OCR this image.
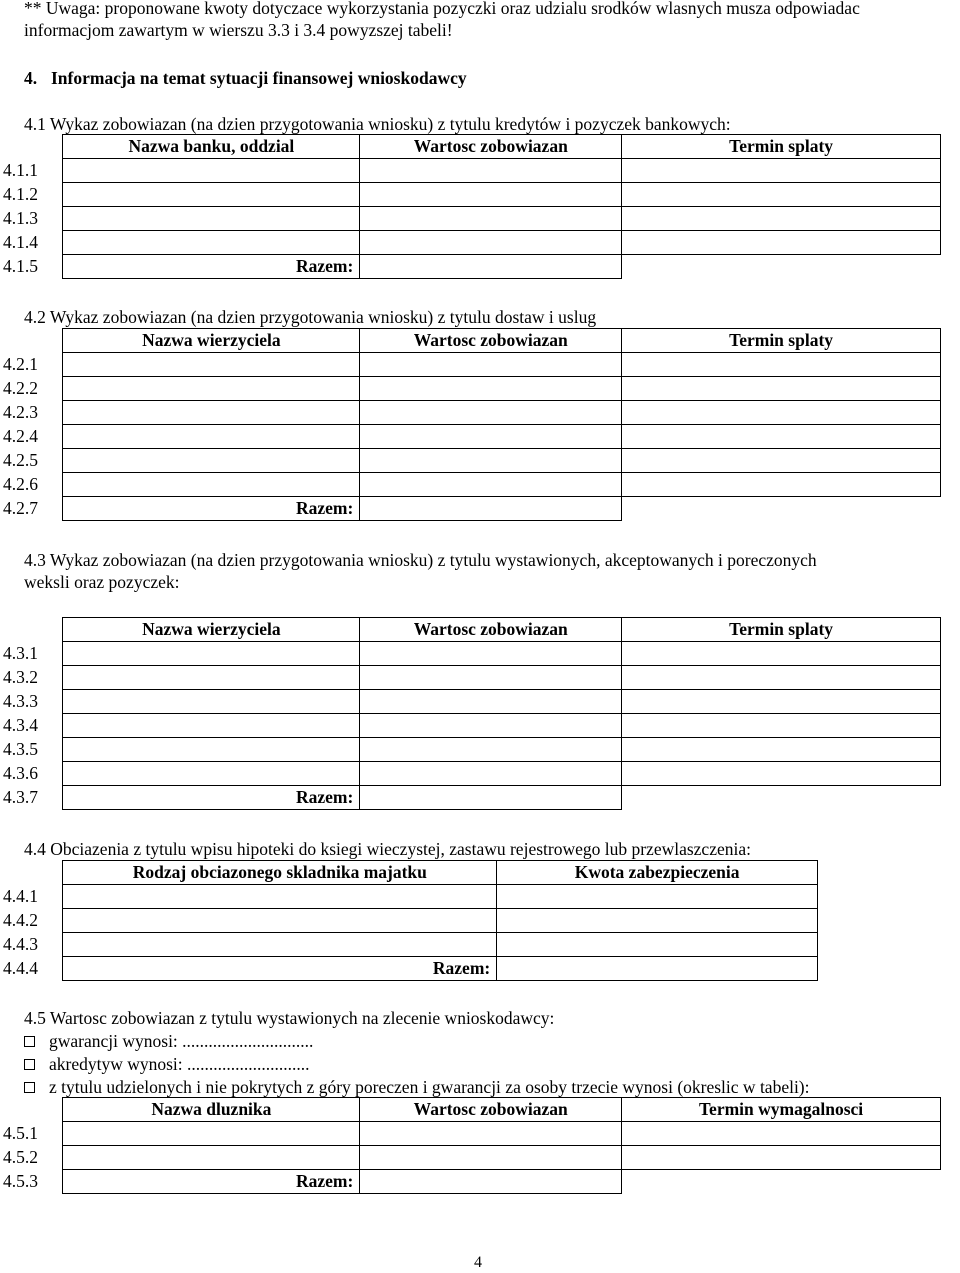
** Uwaga: proponowane kwoty dotyczace wykorzystania pozyczki oraz udzialu srodków wlasnych musza odpowiadac informacjom zawartym w wierszu 3.3 i 3.4 powyzszej tabeli!
4. Informacja na temat sytuacji finansowej wnioskodawcy
4.1 Wykaz zobowiazan (na dzien przygotowania wniosku) z tytulu kredytów i pozyczek bankowych:
	Nazwa banku, oddzial	Wartosc zobowiazan	Termin splaty
4.1.1			
4.1.2			
4.1.3			
4.1.4			
4.1.5	Razem:		
4.2 Wykaz zobowiazan (na dzien przygotowania wniosku) z tytulu dostaw i uslug
	Nazwa wierzyciela	Wartosc zobowiazan	Termin splaty
4.2.1			
4.2.2			
4.2.3			
4.2.4			
4.2.5			
4.2.6			
4.2.7	Razem:		
4.3 Wykaz zobowiazan (na dzien przygotowania wniosku) z tytulu wystawionych, akceptowanych i poreczonych
weksli oraz pozyczek:
	Nazwa wierzyciela	Wartosc zobowiazan	Termin splaty
4.3.1			
4.3.2			
4.3.3			
4.3.4			
4.3.5			
4.3.6			
4.3.7	Razem:		
4.4 Obciazenia z tytulu wpisu hipoteki do ksiegi wieczystej, zastawu rejestrowego lub przewlaszczenia:
	Rodzaj obciazonego skladnika majatku	Kwota zabezpieczenia
4.4.1		
4.4.2		
4.4.3		
4.4.4	Razem:	
4.5 Wartosc zobowiazan z tytulu wystawionych na zlecenie wnioskodawcy:
gwarancji wynosi: ..............................
akredytyw wynosi: ............................
z tytulu udzielonych i nie pokrytych z góry poreczen i gwarancji za osoby trzecie wynosi (okreslic w tabeli):
	Nazwa dluznika	Wartosc zobowiazan	Termin wymagalnosci
4.5.1			
4.5.2			
4.5.3	Razem:		
4
